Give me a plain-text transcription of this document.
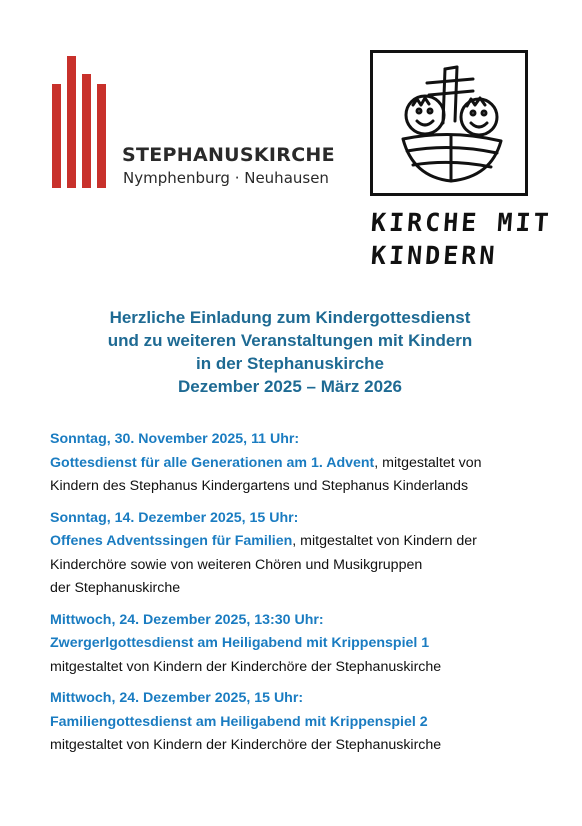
STEPHANUSKIRCHE
Nymphenburg · Neuhausen
KIRCHE MIT
KINDERN
Herzliche Einladung zum Kindergottesdienst
und zu weiteren Veranstaltungen mit Kindern
in der Stephanuskirche
Dezember 2025 – März 2026
Sonntag, 30. November 2025, 11 Uhr:
Gottesdienst für alle Generationen am 1. Advent, mitgestaltet von
Kindern des Stephanus Kindergartens und Stephanus Kinderlands
Sonntag, 14. Dezember 2025, 15 Uhr:
Offenes Adventssingen für Familien, mitgestaltet von Kindern der
Kinderchöre sowie von weiteren Chören und Musikgruppen
der Stephanuskirche
Mittwoch, 24. Dezember 2025, 13:30 Uhr:
Zwergerlgottesdienst am Heiligabend mit Krippenspiel 1
mitgestaltet von Kindern der Kinderchöre der Stephanuskirche
Mittwoch, 24. Dezember 2025, 15 Uhr:
Familiengottesdienst am Heiligabend mit Krippenspiel 2
mitgestaltet von Kindern der Kinderchöre der Stephanuskirche
